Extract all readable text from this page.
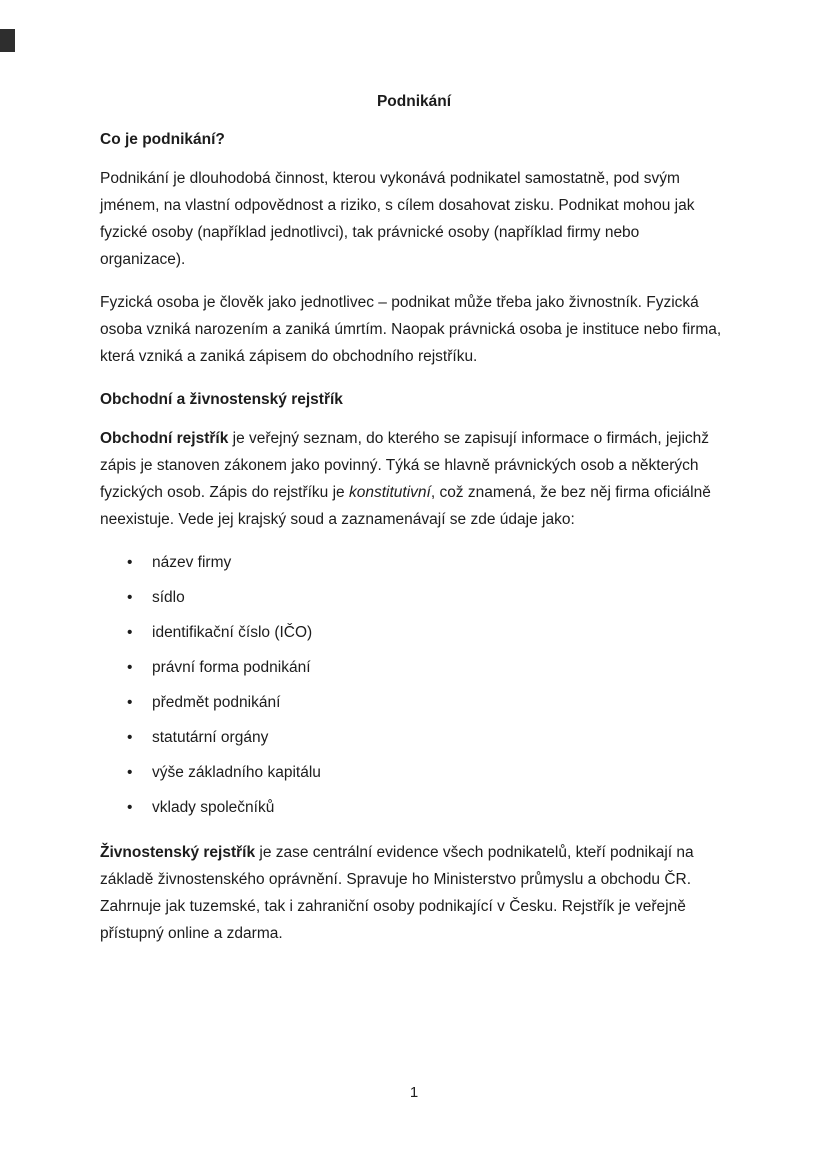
Podnikání
Co je podnikání?

Podnikání je dlouhodobá činnost, kterou vykonává podnikatel samostatně, pod svým jménem, na vlastní odpovědnost a riziko, s cílem dosahovat zisku. Podnikat mohou jak fyzické osoby (například jednotlivci), tak právnické osoby (například firmy nebo organizace).

Fyzická osoba je člověk jako jednotlivec – podnikat může třeba jako živnostník. Fyzická osoba vzniká narozením a zaniká úmrtím. Naopak právnická osoba je instituce nebo firma, která vzniká a zaniká zápisem do obchodního rejstříku.

Obchodní a živnostenský rejstřík

Obchodní rejstřík je veřejný seznam, do kterého se zapisují informace o firmách, jejichž zápis je stanoven zákonem jako povinný. Týká se hlavně právnických osob a některých fyzických osob. Zápis do rejstříku je konstitutivní, což znamená, že bez něj firma oficiálně neexistuje. Vede jej krajský soud a zaznamenávají se zde údaje jako:

• název firmy
• sídlo
• identifikační číslo (IČO)
• právní forma podnikání
• předmět podnikání
• statutární orgány
• výše základního kapitálu
• vklady společníků

Živnostenský rejstřík je zase centrální evidence všech podnikatelů, kteří podnikají na základě živnostenského oprávnění. Spravuje ho Ministerstvo průmyslu a obchodu ČR. Zahrnuje jak tuzemské, tak i zahraniční osoby podnikající v Česku. Rejstřík je veřejně přístupný online a zdarma.

1
